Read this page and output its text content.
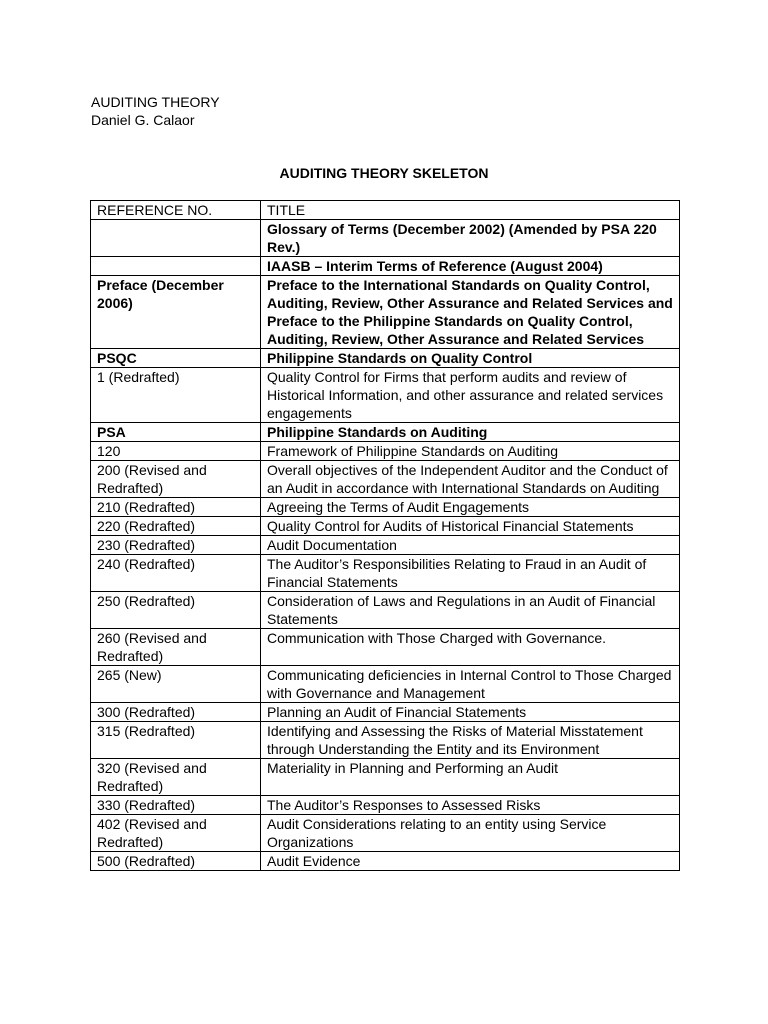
AUDITING THEORY
Daniel G. Calaor
AUDITING THEORY SKELETON
REFERENCE NO.	TITLE
	Glossary of Terms (December 2002) (Amended by PSA 220 Rev.)
	IAASB – Interim Terms of Reference (August 2004)
Preface (December 2006)	Preface to the International Standards on Quality Control, Auditing, Review, Other Assurance and Related Services and Preface to the Philippine Standards on Quality Control, Auditing, Review, Other Assurance and Related Services
PSQC	Philippine Standards on Quality Control
1 (Redrafted)	Quality Control for Firms that perform audits and review of Historical Information, and other assurance and related services engagements
PSA	Philippine Standards on Auditing
120	Framework of Philippine Standards on Auditing
200 (Revised and Redrafted)	Overall objectives of the Independent Auditor and the Conduct of an Audit in accordance with International Standards on Auditing
210 (Redrafted)	Agreeing the Terms of Audit Engagements
220 (Redrafted)	Quality Control for Audits of Historical Financial Statements
230 (Redrafted)	Audit Documentation
240 (Redrafted)	The Auditor’s Responsibilities Relating to Fraud in an Audit of Financial Statements
250 (Redrafted)	Consideration of Laws and Regulations in an Audit of Financial Statements
260 (Revised and Redrafted)	Communication with Those Charged with Governance.
265 (New)	Communicating deficiencies in Internal Control to Those Charged with Governance and Management
300 (Redrafted)	Planning an Audit of Financial Statements
315 (Redrafted)	Identifying and Assessing the Risks of Material Misstatement through Understanding the Entity and its Environment
320 (Revised and Redrafted)	Materiality in Planning and Performing an Audit
330 (Redrafted)	The Auditor’s Responses to Assessed Risks
402 (Revised and Redrafted)	Audit Considerations relating to an entity using Service Organizations
500 (Redrafted)	Audit Evidence
